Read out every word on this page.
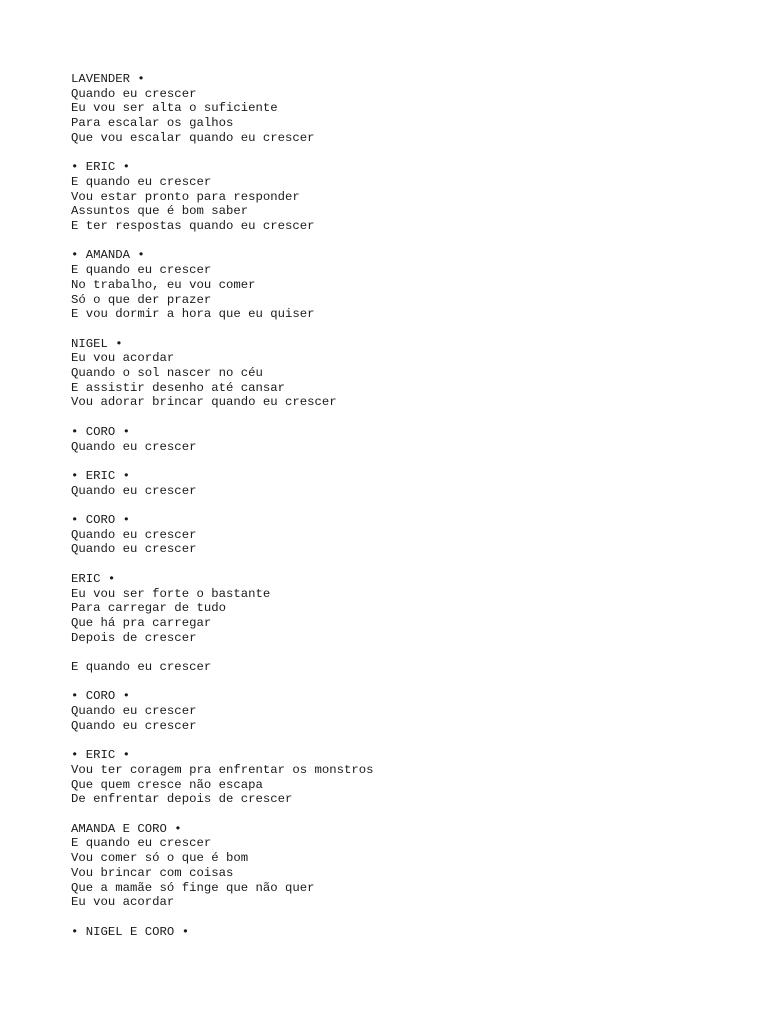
LAVENDER •
Quando eu crescer
Eu vou ser alta o suficiente
Para escalar os galhos
Que vou escalar quando eu crescer
• ERIC •
E quando eu crescer
Vou estar pronto para responder
Assuntos que é bom saber
E ter respostas quando eu crescer
• AMANDA •
E quando eu crescer
No trabalho, eu vou comer
Só o que der prazer
E vou dormir a hora que eu quiser
NIGEL •
Eu vou acordar
Quando o sol nascer no céu
E assistir desenho até cansar
Vou adorar brincar quando eu crescer
• CORO •
Quando eu crescer
• ERIC •
Quando eu crescer
• CORO •
Quando eu crescer
Quando eu crescer
ERIC •
Eu vou ser forte o bastante
Para carregar de tudo
Que há pra carregar
Depois de crescer
E quando eu crescer
• CORO •
Quando eu crescer
Quando eu crescer
• ERIC •
Vou ter coragem pra enfrentar os monstros
Que quem cresce não escapa
De enfrentar depois de crescer
AMANDA E CORO •
E quando eu crescer
Vou comer só o que é bom
Vou brincar com coisas
Que a mamãe só finge que não quer
Eu vou acordar
• NIGEL E CORO •
